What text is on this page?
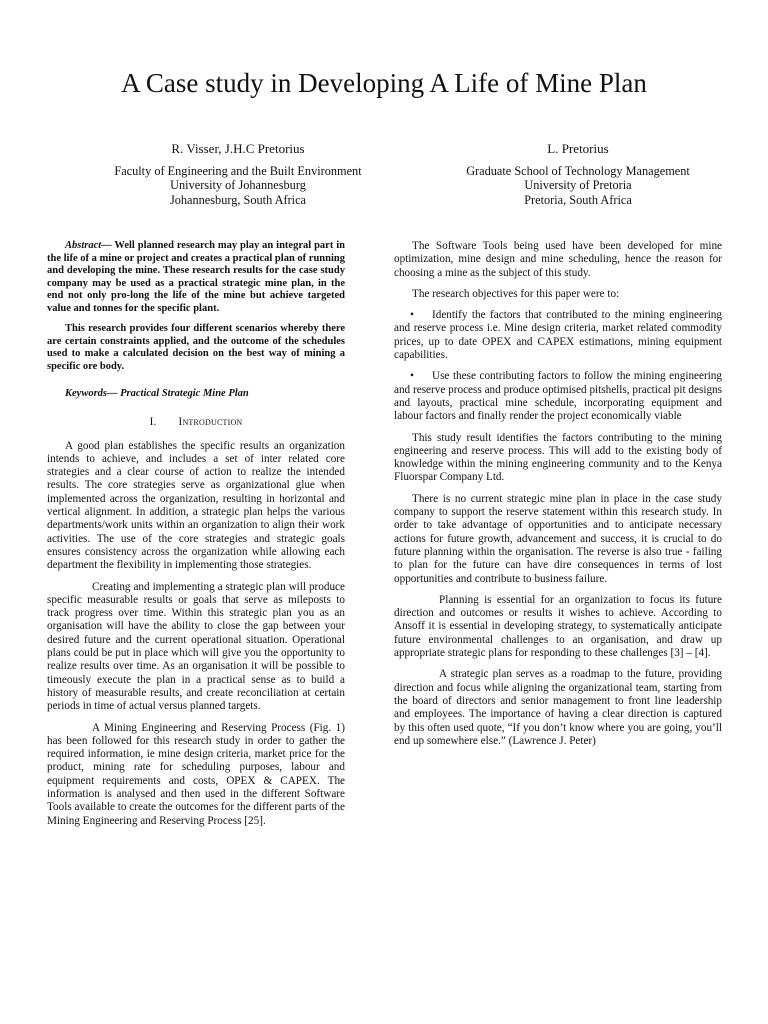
A Case study in Developing A Life of Mine Plan
R. Visser, J.H.C Pretorius
Faculty of Engineering and the Built Environment
University of Johannesburg
Johannesburg, South Africa
L. Pretorius
Graduate School of Technology Management
University of Pretoria
Pretoria, South Africa

Abstract— Well planned research may play an integral part in the life of a mine or project and creates a practical plan of running and developing the mine. These research results for the case study company may be used as a practical strategic mine plan, in the end not only pro-long the life of the mine but achieve targeted value and tonnes for the specific plant.

This research provides four different scenarios whereby there are certain constraints applied, and the outcome of the schedules used to make a calculated decision on the best way of mining a specific ore body.

Keywords— Practical Strategic Mine Plan

I. Introduction

A good plan establishes the specific results an organization intends to achieve, and includes a set of inter related core strategies and a clear course of action to realize the intended results. The core strategies serve as organizational glue when implemented across the organization, resulting in horizontal and vertical alignment. In addition, a strategic plan helps the various departments/work units within an organization to align their work activities. The use of the core strategies and strategic goals ensures consistency across the organization while allowing each department the flexibility in implementing those strategies.

Creating and implementing a strategic plan will produce specific measurable results or goals that serve as mileposts to track progress over time. Within this strategic plan you as an organisation will have the ability to close the gap between your desired future and the current operational situation. Operational plans could be put in place which will give you the opportunity to realize results over time. As an organisation it will be possible to timeously execute the plan in a practical sense as to build a history of measurable results, and create reconciliation at certain periods in time of actual versus planned targets.

A Mining Engineering and Reserving Process (Fig. 1) has been followed for this research study in order to gather the required information, ie mine design criteria, market price for the product, mining rate for scheduling purposes, labour and equipment requirements and costs, OPEX & CAPEX. The information is analysed and then used in the different Software Tools available to create the outcomes for the different parts of the Mining Engineering and Reserving Process [25].

The Software Tools being used have been developed for mine optimization, mine design and mine scheduling, hence the reason for choosing a mine as the subject of this study.

The research objectives for this paper were to:

• Identify the factors that contributed to the mining engineering and reserve process i.e. Mine design criteria, market related commodity prices, up to date OPEX and CAPEX estimations, mining equipment capabilities.

• Use these contributing factors to follow the mining engineering and reserve process and produce optimised pitshells, practical pit designs and layouts, practical mine schedule, incorporating equipment and labour factors and finally render the project economically viable

This study result identifies the factors contributing to the mining engineering and reserve process. This will add to the existing body of knowledge within the mining engineering community and to the Kenya Fluorspar Company Ltd.

There is no current strategic mine plan in place in the case study company to support the reserve statement within this research study. In order to take advantage of opportunities and to anticipate necessary actions for future growth, advancement and success, it is crucial to do future planning within the organisation. The reverse is also true - failing to plan for the future can have dire consequences in terms of lost opportunities and contribute to business failure.

Planning is essential for an organization to focus its future direction and outcomes or results it wishes to achieve. According to Ansoff it is essential in developing strategy, to systematically anticipate future environmental challenges to an organisation, and draw up appropriate strategic plans for responding to these challenges [3] – [4].

A strategic plan serves as a roadmap to the future, providing direction and focus while aligning the organizational team, starting from the board of directors and senior management to front line leadership and employees. The importance of having a clear direction is captured by this often used quote, “If you don’t know where you are going, you’ll end up somewhere else.” (Lawrence J. Peter)
